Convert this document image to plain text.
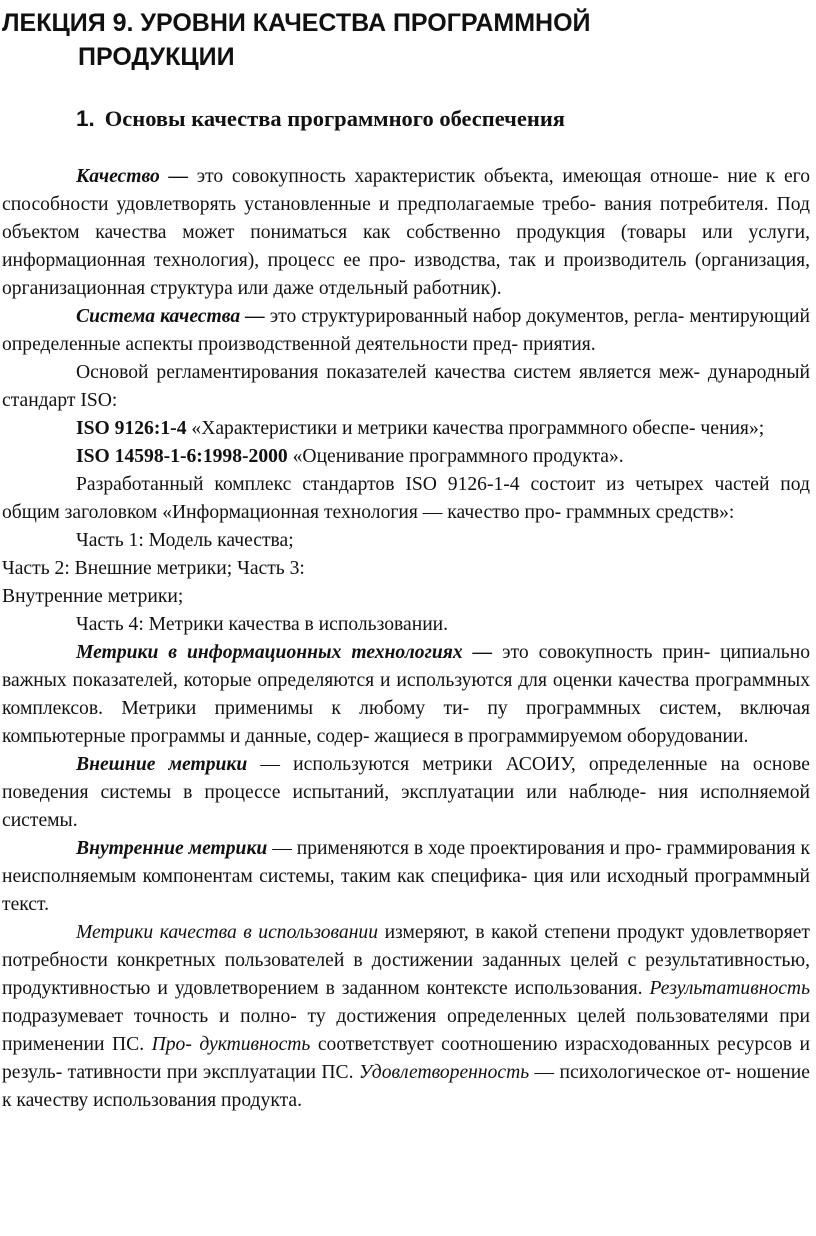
ЛЕКЦИЯ 9. УРОВНИ КАЧЕСТВА ПРОГРАММНОЙ
ПРОДУКЦИИ
1. Основы качества программного обеспечения

Качество — это совокупность характеристик объекта, имеющая отноше- ние к его способности удовлетворять установленные и предполагаемые требо- вания потребителя. Под объектом качества может пониматься как собственно продукция (товары или услуги, информационная технология), процесс ее про- изводства, так и производитель (организация, организационная структура или даже отдельный работник).

Система качества — это структурированный набор документов, регла- ментирующий определенные аспекты производственной деятельности пред- приятия.

Основой регламентирования показателей качества систем является меж- дународный стандарт ISO:

ISO 9126:1-4 «Характеристики и метрики качества программного обеспе- чения»;

ISO 14598-1-6:1998-2000 «Оценивание программного продукта».

Разработанный комплекс стандартов ISO 9126-1-4 состоит из четырех частей под общим заголовком «Информационная технология — качество про- граммных средств»:

Часть 1: Модель качества;

Часть 2: Внешние метрики; Часть 3:

Внутренние метрики;

Часть 4: Метрики качества в использовании.

Метрики в информационных технологиях — это совокупность прин- ципиально важных показателей, которые определяются и используются для оценки качества программных комплексов. Метрики применимы к любому ти- пу программных систем, включая компьютерные программы и данные, содер- жащиеся в программируемом оборудовании.

Внешние метрики — используются метрики АСОИУ, определенные на основе поведения системы в процессе испытаний, эксплуатации или наблюде- ния исполняемой системы.

Внутренние метрики — применяются в ходе проектирования и про- граммирования к неисполняемым компонентам системы, таким как специфика- ция или исходный программный текст.

Метрики качества в использовании измеряют, в какой степени продукт удовлетворяет потребности конкретных пользователей в достижении заданных целей с результативностью, продуктивностью и удовлетворением в заданном контексте использования. Результативность подразумевает точность и полно- ту достижения определенных целей пользователями при применении ПС. Про- дуктивность соответствует соотношению израсходованных ресурсов и резуль- тативности при эксплуатации ПС. Удовлетворенность — психологическое от- ношение к качеству использования продукта.
